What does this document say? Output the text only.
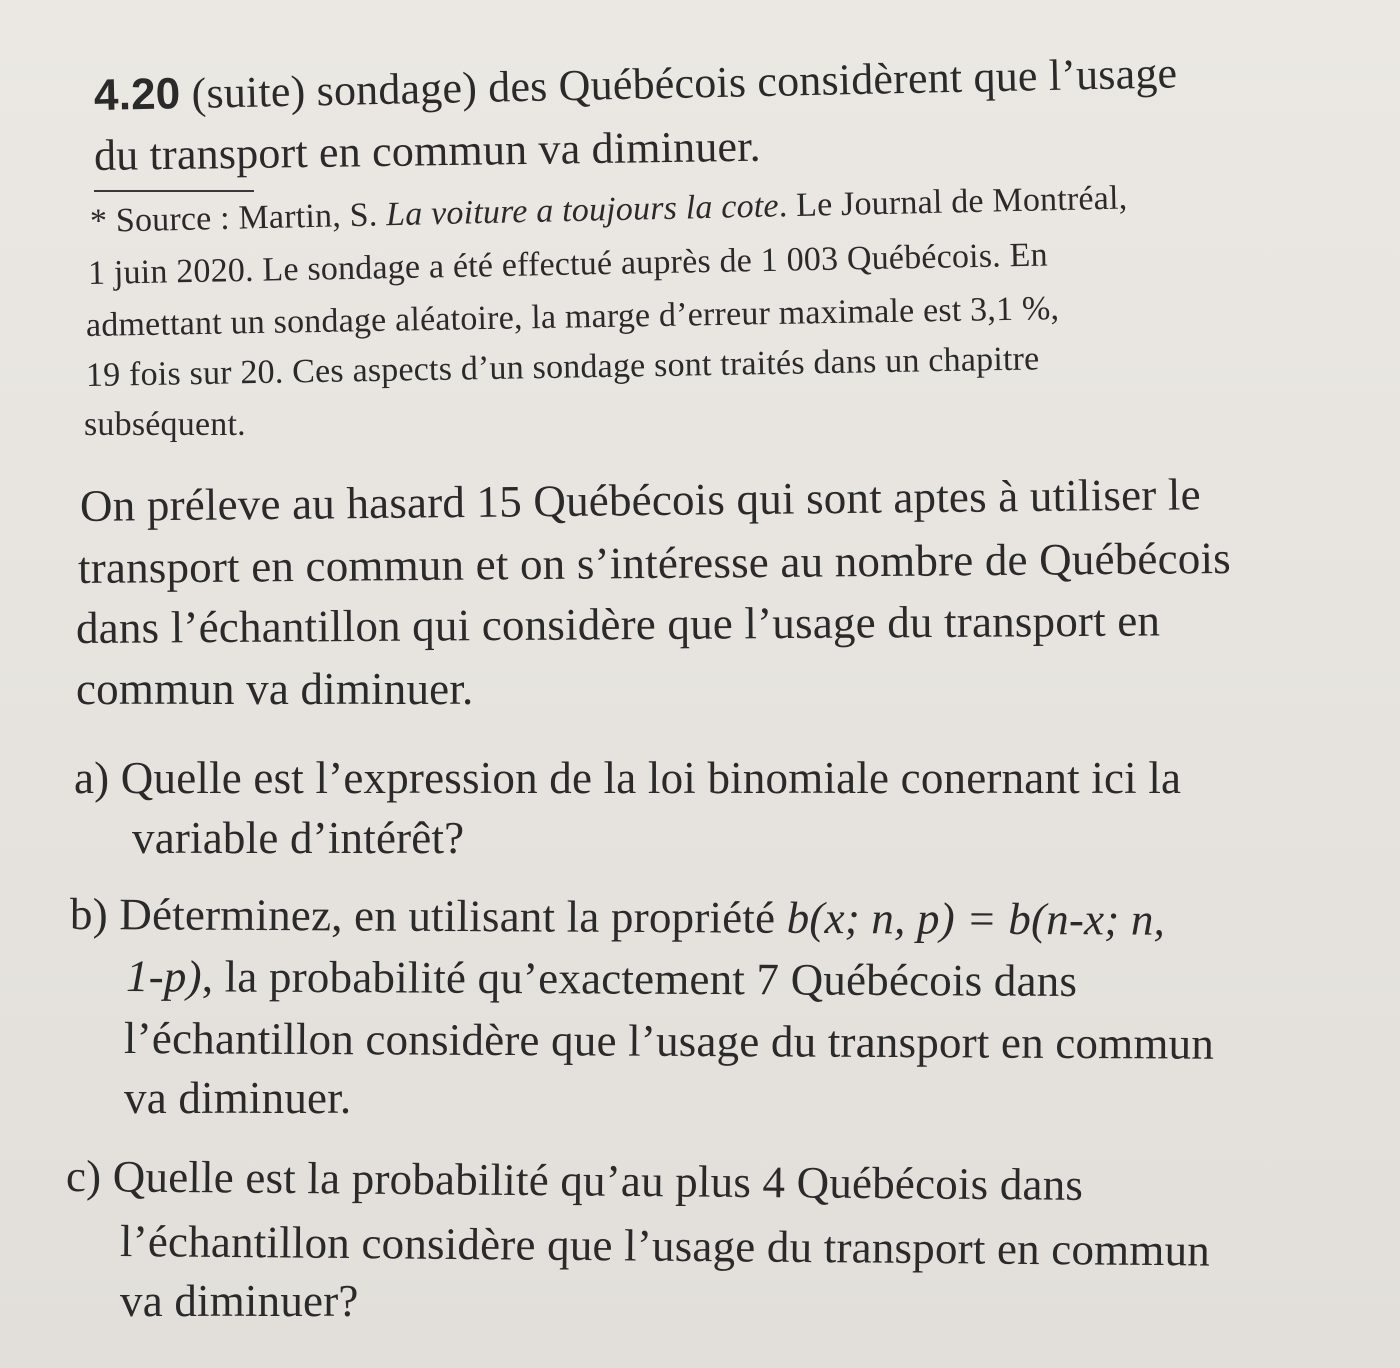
4.20 (suite) sondage) des Québécois considèrent que l’usage
du transport en commun va diminuer.
* Source : Martin, S. La voiture a toujours la cote. Le Journal de Montréal,
1 juin 2020. Le sondage a été effectué auprès de 1 003 Québécois. En
admettant un sondage aléatoire, la marge d’erreur maximale est 3,1 %,
19 fois sur 20. Ces aspects d’un sondage sont traités dans un chapitre
subséquent.
On préleve au hasard 15 Québécois qui sont aptes à utiliser le
transport en commun et on s’intéresse au nombre de Québécois
dans l’échantillon qui considère que l’usage du transport en
commun va diminuer.
a) Quelle est l’expression de la loi binomiale conernant ici la
variable d’intérêt?
b) Déterminez, en utilisant la propriété b(x; n, p) = b(n-x; n,
1-p), la probabilité qu’exactement 7 Québécois dans
l’échantillon considère que l’usage du transport en commun
va diminuer.
c) Quelle est la probabilité qu’au plus 4 Québécois dans
l’échantillon considère que l’usage du transport en commun
va diminuer?
